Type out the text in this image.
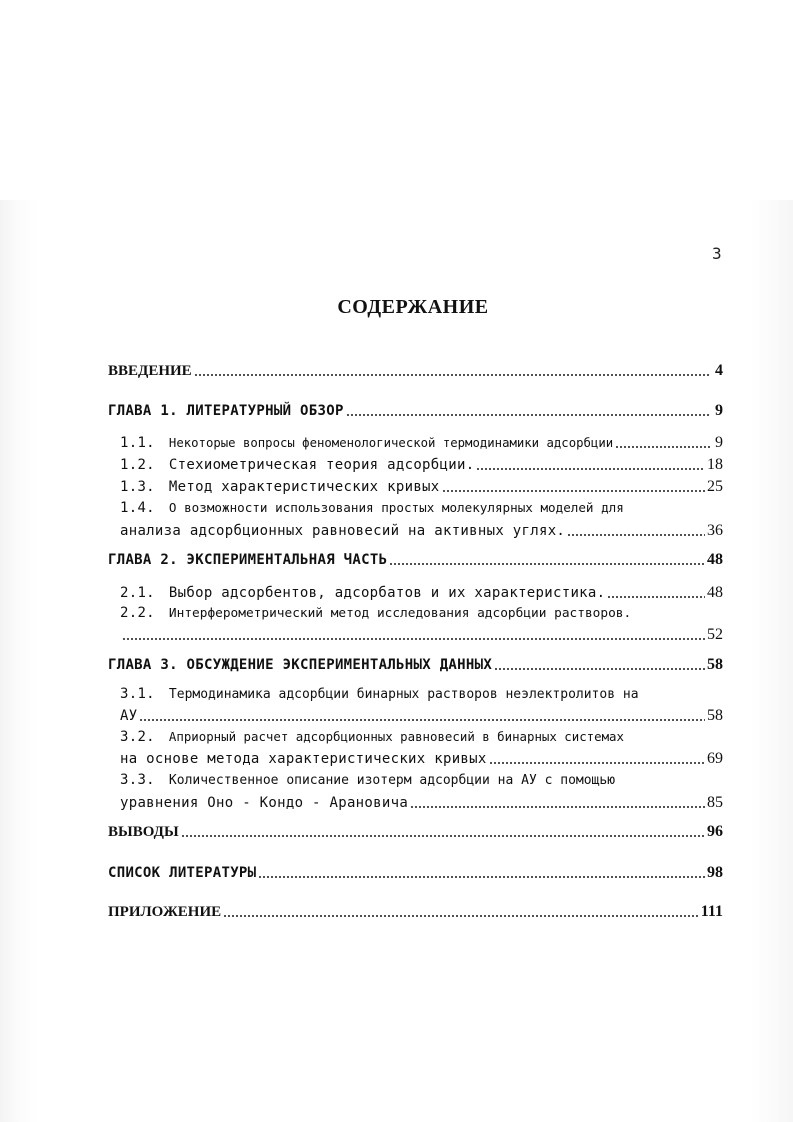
3
СОДЕРЖАНИЕ
ВВЕДЕНИЕ	4
ГЛАВА 1. ЛИТЕРАТУРНЫЙ ОБЗОР	9
1.1. Некоторые вопросы феноменологической термодинамики адсорбции	9
1.2. Стехиометрическая теория адсорбции.	18
1.3. Метод характеристических кривых	25
1.4. О возможности использования простых молекулярных моделей для
анализа адсорбционных равновесий на активных углях.	36
ГЛАВА 2. ЭКСПЕРИМЕНТАЛЬНАЯ ЧАСТЬ	48
2.1. Выбор адсорбентов, адсорбатов и их характеристика.	48
2.2. Интерферометрический метод исследования адсорбции растворов.
52
ГЛАВА 3. ОБСУЖДЕНИЕ ЭКСПЕРИМЕНТАЛЬНЫХ ДАННЫХ	58
3.1. Термодинамика адсорбции бинарных растворов неэлектролитов на
АУ	58
3.2. Априорный расчет адсорбционных равновесий в бинарных системах
на основе метода характеристических кривых	69
3.3. Количественное описание изотерм адсорбции на АУ с помощью
уравнения Оно - Кондо - Арановича	85
ВЫВОДЫ	96
СПИСОК ЛИТЕРАТУРЫ	98
ПРИЛОЖЕНИЕ	111
